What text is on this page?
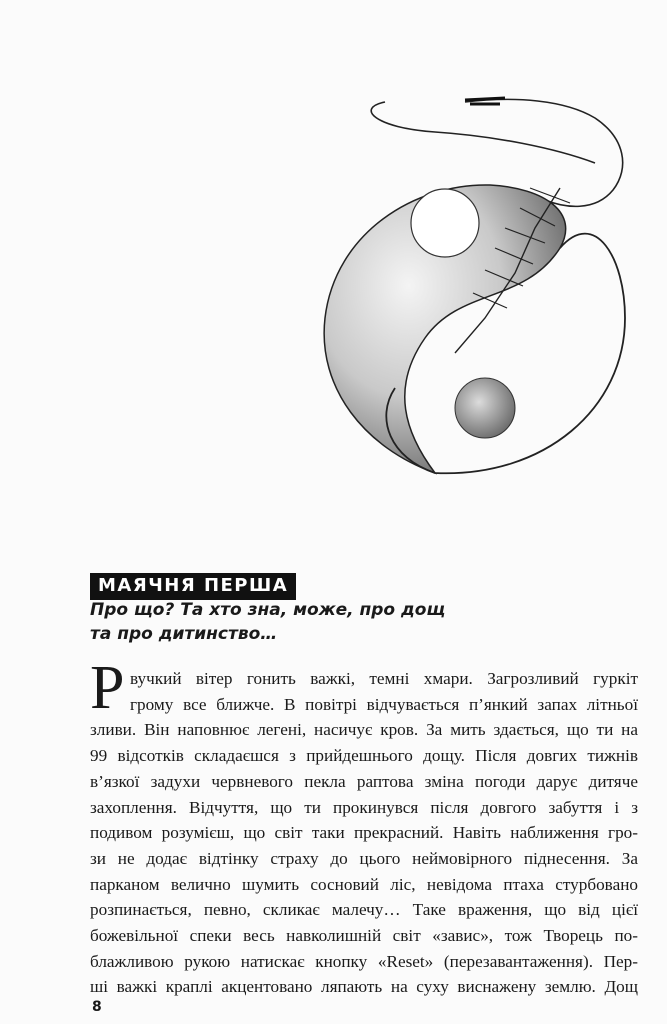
МАЯЧНЯ ПЕРША
Про що? Та хто зна, може, про дощ
та про дитинство…
Р вучкий вітер гонить важкі, темні хмари. Загрозливий гуркіт
грому все ближче. В повітрі відчувається п’янкий запах літньої
зливи. Він наповнює легені, насичує кров. За мить здається, що ти на
99 відсотків складаєшся з прийдешнього дощу. Після довгих тижнів
в’язкої задухи червневого пекла раптова зміна погоди дарує дитяче
захоплення. Відчуття, що ти прокинувся після довгого забуття і з
подивом розумієш, що світ таки прекрасний. Навіть наближення гро-
зи не додає відтінку страху до цього неймовірного піднесення. За
парканом велично шумить сосновий ліс, невідома птаха стурбовано
розпинається, певно, скликає малечу… Таке враження, що від цієї
божевільної спеки весь навколишній світ «завис», тож Творець по-
блажливою рукою натискає кнопку «Reset» (перезавантаження). Пер-
ші важкі краплі акцентовано ляпають на суху виснажену землю. Дощ
8
